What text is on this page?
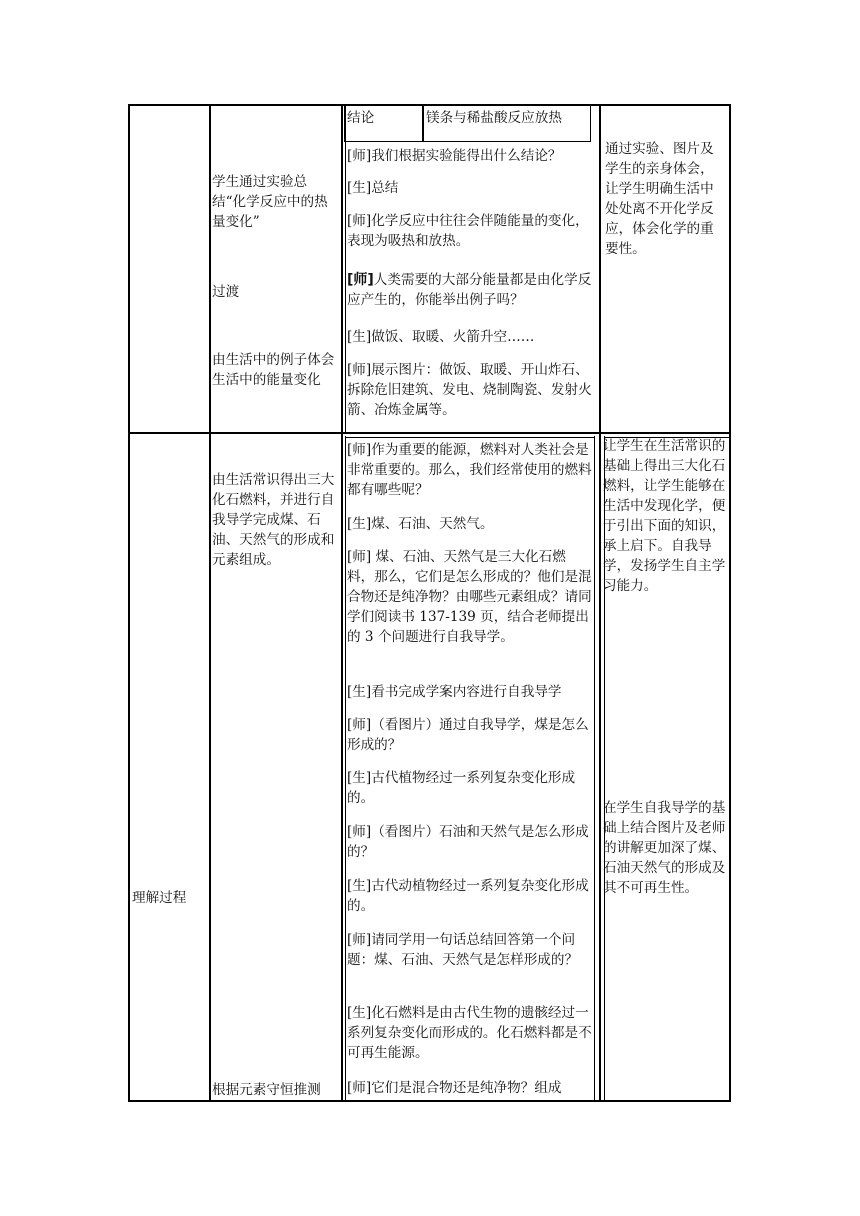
结论	镁条与稀盐酸反应放热
学生通过实验总结“化学反应中的热量变化”
过渡
由生活中的例子体会生活中的能量变化
[师]我们根据实验能得出什么结论？
[生]总结
[师]化学反应中往往会伴随能量的变化，表现为吸热和放热。
[师]人类需要的大部分能量都是由化学反应产生的，你能举出例子吗？
[生]做饭、取暖、火箭升空……
[师]展示图片：做饭、取暖、开山炸石、拆除危旧建筑、发电、烧制陶瓷、发射火箭、冶炼金属等。
通过实验、图片及学生的亲身体会，让学生明确生活中处处离不开化学反应，体会化学的重要性。
理解过程
由生活常识得出三大化石燃料，并进行自我导学完成煤、石油、天然气的形成和元素组成。
根据元素守恒推测
[师]作为重要的能源，燃料对人类社会是非常重要的。那么，我们经常使用的燃料都有哪些呢？
[生]煤、石油、天然气。
[师] 煤、石油、天然气是三大化石燃料，那么，它们是怎么形成的？他们是混合物还是纯净物？由哪些元素组成？请同学们阅读书 137-139 页，结合老师提出的 3 个问题进行自我导学。
[生]看书完成学案内容进行自我导学
[师]（看图片）通过自我导学，煤是怎么形成的？
[生]古代植物经过一系列复杂变化形成的。
[师]（看图片）石油和天然气是怎么形成的？
[生]古代动植物经过一系列复杂变化形成的。
[师]请同学用一句话总结回答第一个问题：煤、石油、天然气是怎样形成的？
[生]化石燃料是由古代生物的遗骸经过一系列复杂变化而形成的。化石燃料都是不可再生能源。
[师]它们是混合物还是纯净物？组成
让学生在生活常识的基础上得出三大化石燃料，让学生能够在生活中发现化学，便于引出下面的知识，承上启下。自我导学，发扬学生自主学习能力。
在学生自我导学的基础上结合图片及老师的讲解更加深了煤、石油天然气的形成及其不可再生性。
